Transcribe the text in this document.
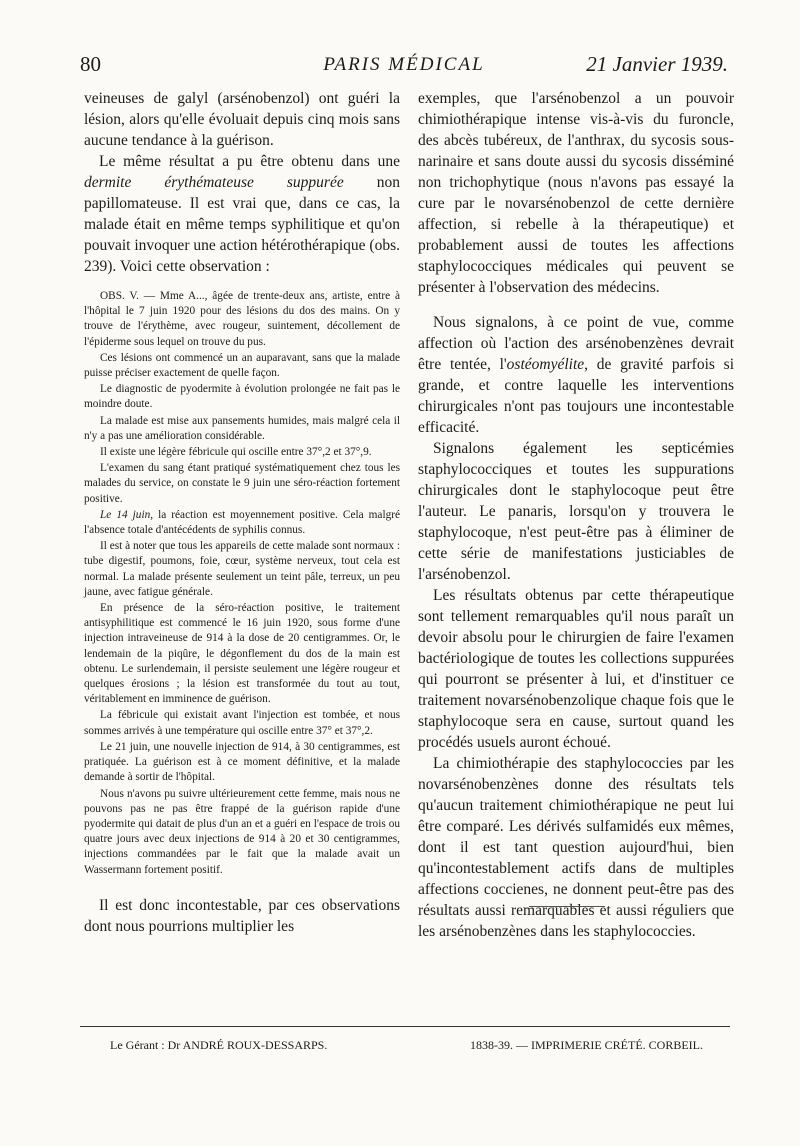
80	PARIS MÉDICAL	21 Janvier 1939.

veineuses de galyl (arsénobenzol) ont guéri la lésion, alors qu'elle évoluait depuis cinq mois sans aucune tendance à la guérison.

Le même résultat a pu être obtenu dans une dermite érythémateuse suppurée non papillomateuse. Il est vrai que, dans ce cas, la malade était en même temps syphilitique et qu'on pouvait invoquer une action hétérothérapique (obs. 239). Voici cette observation :

OBS. V. — Mme A..., âgée de trente-deux ans, artiste, entre à l'hôpital le 7 juin 1920 pour des lésions du dos des mains. On y trouve de l'érythème, avec rougeur, suintement, décollement de l'épiderme sous lequel on trouve du pus.

Ces lésions ont commencé un an auparavant, sans que la malade puisse préciser exactement de quelle façon.

Le diagnostic de pyodermite à évolution prolongée ne fait pas le moindre doute.

La malade est mise aux pansements humides, mais malgré cela il n'y a pas une amélioration considérable.

Il existe une légère fébricule qui oscille entre 37°,2 et 37°,9.

L'examen du sang étant pratiqué systématiquement chez tous les malades du service, on constate le 9 juin une séro-réaction fortement positive.

Le 14 juin, la réaction est moyennement positive. Cela malgré l'absence totale d'antécédents de syphilis connus.

Il est à noter que tous les appareils de cette malade sont normaux : tube digestif, poumons, foie, cœur, système nerveux, tout cela est normal. La malade présente seulement un teint pâle, terreux, un peu jaune, avec fatigue générale.

En présence de la séro-réaction positive, le traitement antisyphilitique est commencé le 16 juin 1920, sous forme d'une injection intraveineuse de 914 à la dose de 20 centigrammes. Or, le lendemain de la piqûre, le dégonflement du dos de la main est obtenu. Le surlendemain, il persiste seulement une légère rougeur et quelques érosions ; la lésion est transformée du tout au tout, véritablement en imminence de guérison.

La fébricule qui existait avant l'injection est tombée, et nous sommes arrivés à une température qui oscille entre 37° et 37°,2.

Le 21 juin, une nouvelle injection de 914, à 30 centigrammes, est pratiquée. La guérison est à ce moment définitive, et la malade demande à sortir de l'hôpital.

Nous n'avons pu suivre ultérieurement cette femme, mais nous ne pouvons pas ne pas être frappé de la guérison rapide d'une pyodermite qui datait de plus d'un an et a guéri en l'espace de trois ou quatre jours avec deux injections de 914 à 20 et 30 centigrammes, injections commandées par le fait que la malade avait un Wassermann fortement positif.

Il est donc incontestable, par ces observations dont nous pourrions multiplier les

exemples, que l'arsénobenzol a un pouvoir chimiothérapique intense vis-à-vis du furoncle, des abcès tubéreux, de l'anthrax, du sycosis sous-narinaire et sans doute aussi du sycosis disséminé non trichophytique (nous n'avons pas essayé la cure par le novarsénobenzol de cette dernière affection, si rebelle à la thérapeutique) et probablement aussi de toutes les affections staphylococciques médicales qui peuvent se présenter à l'observation des médecins.

Nous signalons, à ce point de vue, comme affection où l'action des arsénobenzènes devrait être tentée, l'ostéomyélite, de gravité parfois si grande, et contre laquelle les interventions chirurgicales n'ont pas toujours une incontestable efficacité.

Signalons également les septicémies staphylococciques et toutes les suppurations chirurgicales dont le staphylocoque peut être l'auteur. Le panaris, lorsqu'on y trouvera le staphylocoque, n'est peut-être pas à éliminer de cette série de manifestations justiciables de l'arsénobenzol.

Les résultats obtenus par cette thérapeutique sont tellement remarquables qu'il nous paraît un devoir absolu pour le chirurgien de faire l'examen bactériologique de toutes les collections suppurées qui pourront se présenter à lui, et d'instituer ce traitement novarsénobenzolique chaque fois que le staphylocoque sera en cause, surtout quand les procédés usuels auront échoué.

La chimiothérapie des staphylococcies par les novarsénobenzènes donne des résultats tels qu'aucun traitement chimiothérapique ne peut lui être comparé. Les dérivés sulfamidés eux mêmes, dont il est tant question aujourd'hui, bien qu'incontestablement actifs dans de multiples affections coccienes, ne donnent peut-être pas des résultats aussi remarquables et aussi réguliers que les arsénobenzènes dans les staphylococcies.

Le Gérant : Dr ANDRÉ ROUX-DESSARPS.	1838-39. — IMPRIMERIE CRÉTÉ. CORBEIL.
